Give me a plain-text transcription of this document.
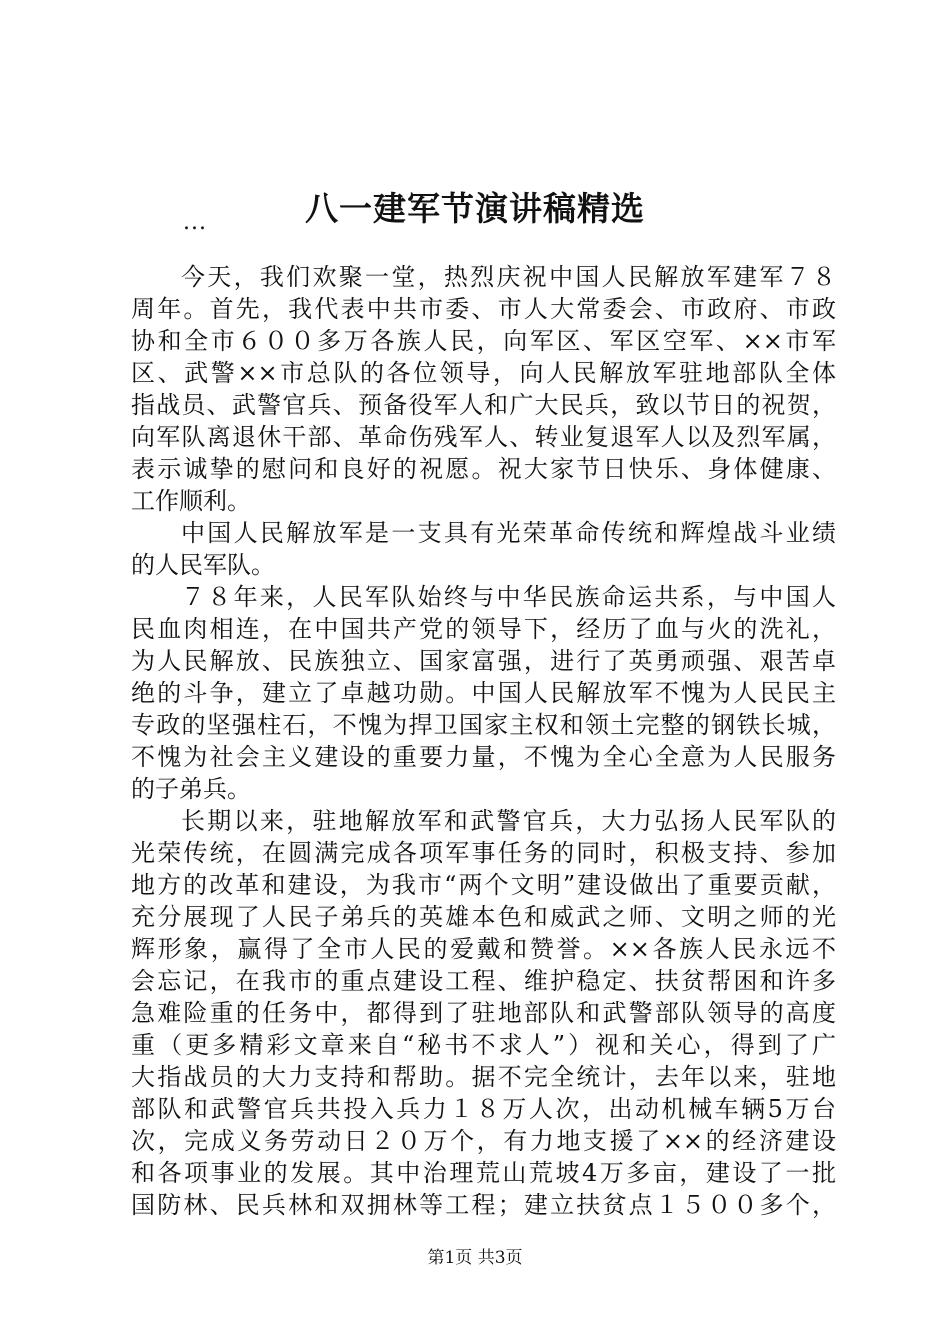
八一建军节演讲稿精选
...
今天，我们欢聚一堂，热烈庆祝中国人民解放军建军７８
周年。首先，我代表中共市委、市人大常委会、市政府、市政
协和全市６００多万各族人民，向军区、军区空军、××市军
区、武警××市总队的各位领导，向人民解放军驻地部队全体
指战员、武警官兵、预备役军人和广大民兵，致以节日的祝贺，
向军队离退休干部、革命伤残军人、转业复退军人以及烈军属，
表示诚挚的慰问和良好的祝愿。祝大家节日快乐、身体健康、
工作顺利。
中国人民解放军是一支具有光荣革命传统和辉煌战斗业绩
的人民军队。
７８年来，人民军队始终与中华民族命运共系，与中国人
民血肉相连，在中国共产党的领导下，经历了血与火的洗礼，
为人民解放、民族独立、国家富强，进行了英勇顽强、艰苦卓
绝的斗争，建立了卓越功勋。中国人民解放军不愧为人民民主
专政的坚强柱石，不愧为捍卫国家主权和领土完整的钢铁长城，
不愧为社会主义建设的重要力量，不愧为全心全意为人民服务
的子弟兵。
长期以来，驻地解放军和武警官兵，大力弘扬人民军队的
光荣传统，在圆满完成各项军事任务的同时，积极支持、参加
地方的改革和建设，为我市“两个文明”建设做出了重要贡献，
充分展现了人民子弟兵的英雄本色和威武之师、文明之师的光
辉形象，赢得了全市人民的爱戴和赞誉。××各族人民永远不
会忘记，在我市的重点建设工程、维护稳定、扶贫帮困和许多
急难险重的任务中，都得到了驻地部队和武警部队领导的高度
重（更多精彩文章来自“秘书不求人”）视和关心，得到了广
大指战员的大力支持和帮助。据不完全统计，去年以来，驻地
部队和武警官兵共投入兵力１８万人次，出动机械车辆5万台
次，完成义务劳动日２０万个，有力地支援了××的经济建设
和各项事业的发展。其中治理荒山荒坡4万多亩，建设了一批
国防林、民兵林和双拥林等工程；建立扶贫点１５００多个，
第1页 共3页
